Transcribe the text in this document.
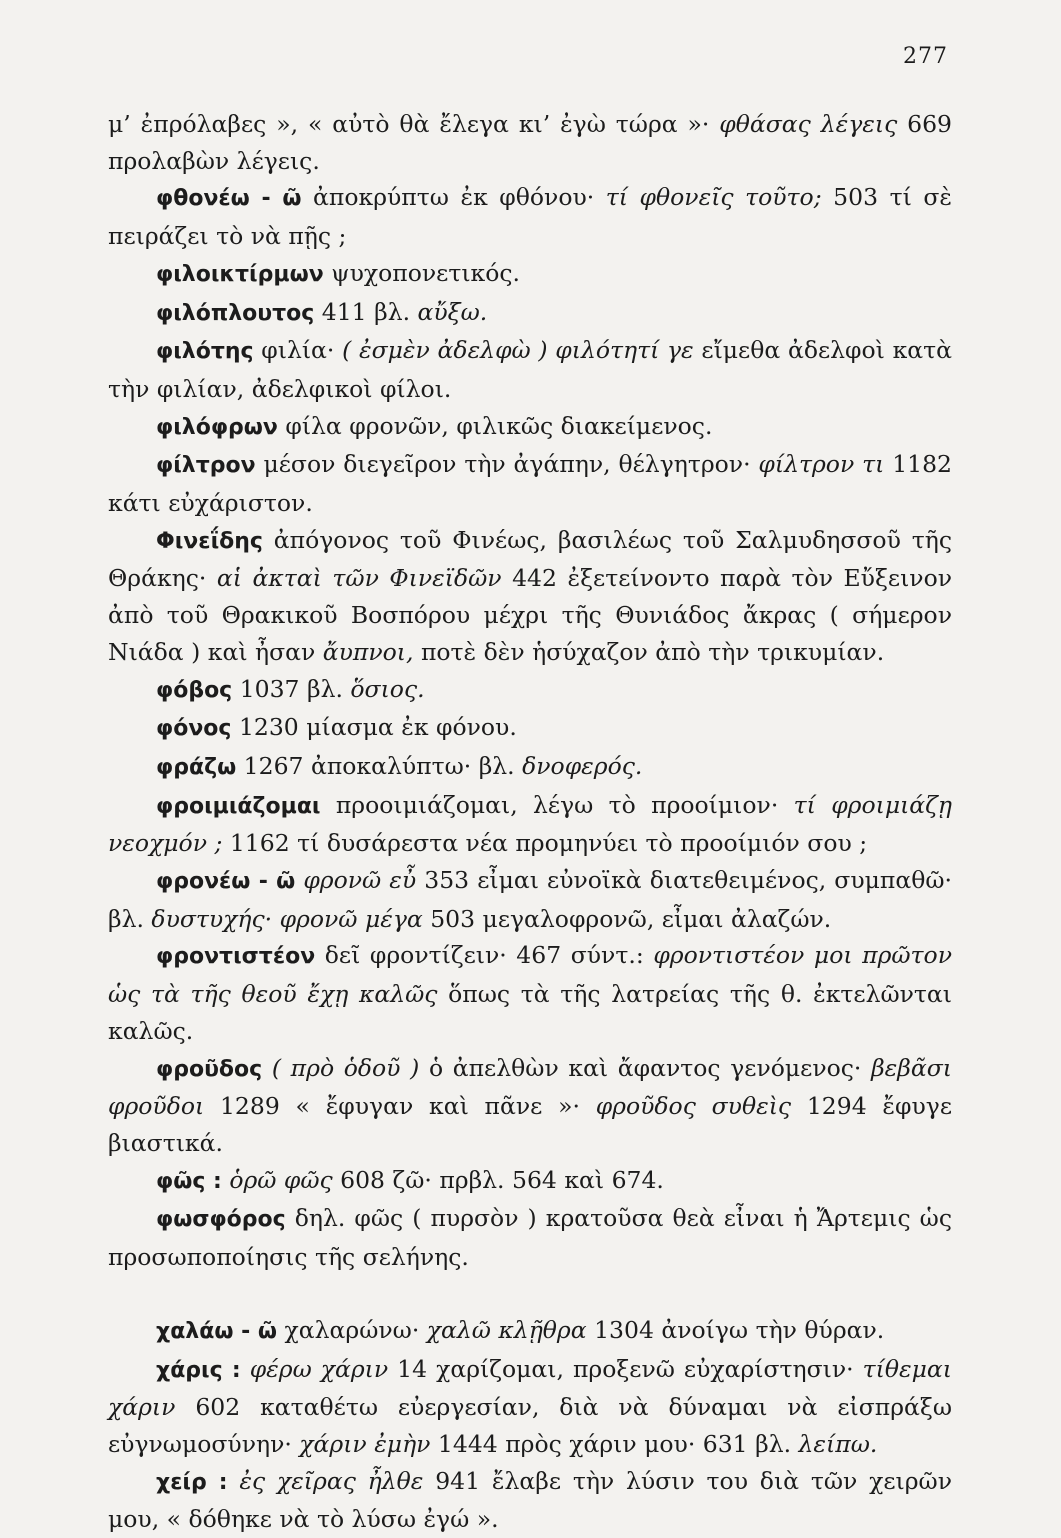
277

μ’ ἐπρόλαβες », « αὐτὸ θὰ ἔλεγα κι’ ἐγὼ τώρα »· φθάσας λέγεις 669 προλαβὼν λέγεις.

φθονέω - ῶ ἀποκρύπτω ἐκ φθόνου· τί φθονεῖς τοῦτο; 503 τί σὲ πειράζει τὸ νὰ πῇς ;

φιλοικτίρμων ψυχοπονετικός.

φιλόπλουτος 411 βλ. αὔξω.

φιλότης φιλία· ( ἐσμὲν ἀδελφὼ ) φιλότητί γε εἴμεθα ἀδελφοὶ κατὰ τὴν φιλίαν, ἀδελφικοὶ φίλοι.

φιλόφρων φίλα φρονῶν, φιλικῶς διακείμενος.

φίλτρον μέσον διεγεῖρον τὴν ἀγάπην, θέλγητρον· φίλτρον τι 1182 κάτι εὐχάριστον.

Φινεΐδης ἀπόγονος τοῦ Φινέως, βασιλέως τοῦ Σαλμυδησσοῦ τῆς Θράκης· αἱ ἀκταὶ τῶν Φινεϊδῶν 442 ἐξετείνοντο παρὰ τὸν Εὔξεινον ἀπὸ τοῦ Θρακικοῦ Βοσπόρου μέχρι τῆς Θυνιάδος ἄκρας ( σήμερον Νιάδα ) καὶ ἦσαν ἄυπνοι, ποτὲ δὲν ἡσύχαζον ἀπὸ τὴν τρικυμίαν.

φόβος 1037 βλ. ὅσιος.

φόνος 1230 μίασμα ἐκ φόνου.

φράζω 1267 ἀποκαλύπτω· βλ. δνοφερός.

φροιμιάζομαι προοιμιάζομαι, λέγω τὸ προοίμιον· τί φροιμιάζῃ νεοχμόν ; 1162 τί δυσάρεστα νέα προμηνύει τὸ προοίμιόν σου ;

φρονέω - ῶ φρονῶ εὖ 353 εἶμαι εὐνοϊκὰ διατεθειμένος, συμπαθῶ· βλ. δυστυχής· φρονῶ μέγα 503 μεγαλοφρονῶ, εἶμαι ἀλαζών.

φροντιστέον δεῖ φροντίζειν· 467 σύντ.: φροντιστέον μοι πρῶτον ὡς τὰ τῆς θεοῦ ἔχῃ καλῶς ὅπως τὰ τῆς λατρείας τῆς θ. ἐκτελῶνται καλῶς.

φροῦδος ( πρὸ ὁδοῦ ) ὁ ἀπελθὼν καὶ ἄφαντος γενόμενος· βεβᾶσι φροῦδοι 1289 « ἔφυγαν καὶ πᾶνε »· φροῦδος συθεὶς 1294 ἔφυγε βιαστικά.

φῶς : ὁρῶ φῶς 608 ζῶ· πρβλ. 564 καὶ 674.

φωσφόρος δηλ. φῶς ( πυρσὸν ) κρατοῦσα θεὰ εἶναι ἡ Ἄρτεμις ὡς προσωποποίησις τῆς σελήνης.

χαλάω - ῶ χαλαρώνω· χαλῶ κλῇθρα 1304 ἀνοίγω τὴν θύραν.

χάρις : φέρω χάριν 14 χαρίζομαι, προξενῶ εὐχαρίστησιν· τίθεμαι χάριν 602 καταθέτω εὐεργεσίαν, διὰ νὰ δύναμαι νὰ εἰσπράξω εὐγνωμοσύνην· χάριν ἐμὴν 1444 πρὸς χάριν μου· 631 βλ. λείπω.

χείρ : ἐς χεῖρας ἦλθε 941 ἔλαβε τὴν λύσιν του διὰ τῶν χειρῶν μου, « δόθηκε νὰ τὸ λύσω ἐγώ ».
